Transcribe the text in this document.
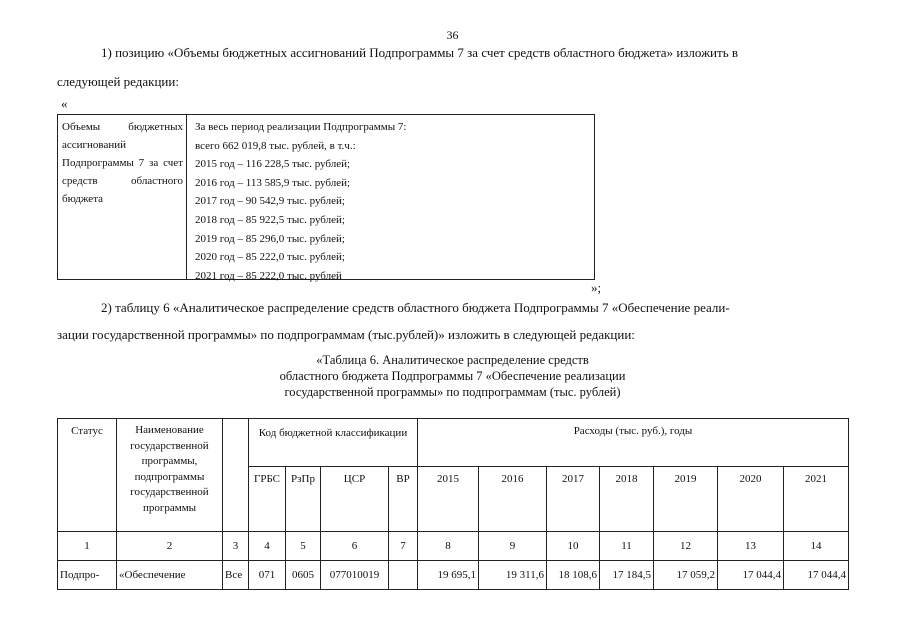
36
1) позицию «Объемы бюджетных ассигнований Подпрограммы 7 за счет средств областного бюджета» изложить в
следующей редакции:
«
Объемы бюджетных ассигнований Подпрограммы 7 за счет средств областного бюджета
За весь период реализации Подпрограммы 7:
всего 662 019,8 тыс. рублей, в т.ч.:
2015 год – 116 228,5 тыс. рублей;
2016 год – 113 585,9 тыс. рублей;
2017 год – 90 542,9 тыс. рублей;
2018 год – 85 922,5 тыс. рублей;
2019 год – 85 296,0 тыс. рублей;
2020 год – 85 222,0 тыс. рублей;
2021 год – 85 222,0 тыс. рублей
»;
2) таблицу 6 «Аналитическое распределение средств областного бюджета Подпрограммы 7 «Обеспечение реали-
зации государственной программы» по подпрограммам (тыс.рублей)» изложить в следующей редакции:
«Таблица 6. Аналитическое распределение средств
областного бюджета Подпрограммы 7 «Обеспечение реализации
государственной программы» по подпрограммам (тыс. рублей)
Статус	Наименование государственной программы, подпрограммы государственной программы		Код бюджетной классификации				Расходы (тыс. руб.), годы						
			ГРБС	РзПр	ЦСР	ВР	2015	2016	2017	2018	2019	2020	2021
1	2	3	4	5	6	7	8	9	10	11	12	13	14
Подпро-	«Обеспечение	Все	071	0605	077010019		19 695,1	19 311,6	18 108,6	17 184,5	17 059,2	17 044,4	17 044,4
